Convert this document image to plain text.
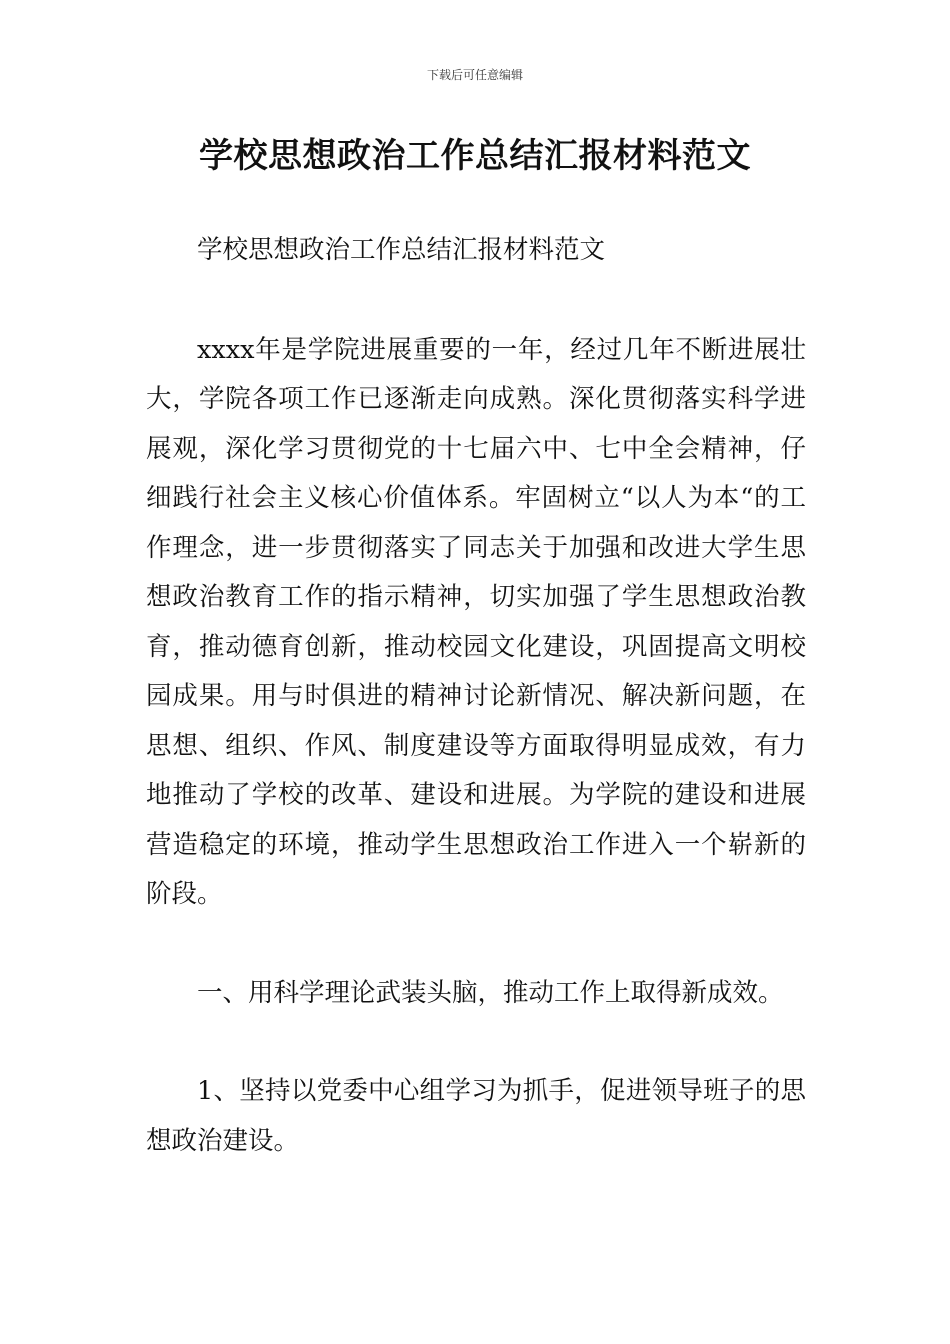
下载后可任意编辑
学校思想政治工作总结汇报材料范文

学校思想政治工作总结汇报材料范文

xxxx年是学院进展重要的一年，经过几年不断进展壮大，学院各项工作已逐渐走向成熟。深化贯彻落实科学进展观，深化学习贯彻党的十七届六中、七中全会精神，仔细践行社会主义核心价值体系。牢固树立“以人为本“的工作理念，进一步贯彻落实了同志关于加强和改进大学生思想政治教育工作的指示精神，切实加强了学生思想政治教育，推动德育创新，推动校园文化建设，巩固提高文明校园成果。用与时俱进的精神讨论新情况、解决新问题，在思想、组织、作风、制度建设等方面取得明显成效，有力地推动了学校的改革、建设和进展。为学院的建设和进展营造稳定的环境，推动学生思想政治工作进入一个崭新的阶段。

一、用科学理论武装头脑，推动工作上取得新成效。

1、坚持以党委中心组学习为抓手，促进领导班子的思想政治建设。
